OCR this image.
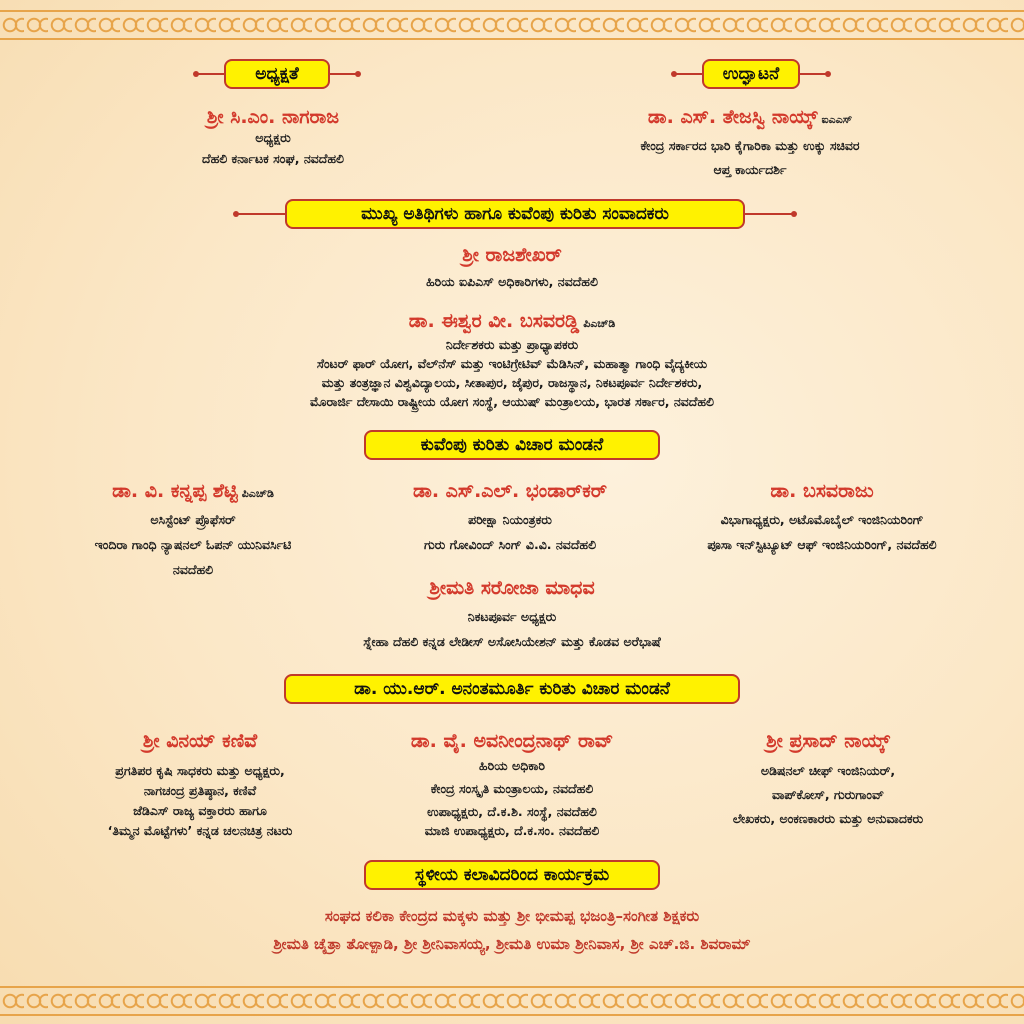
ಅಧ್ಯಕ್ಷತೆ
ಶ್ರೀ ಸಿ.ಎಂ. ನಾಗರಾಜ
ಅಧ್ಯಕ್ಷರು
ದೆಹಲಿ ಕರ್ನಾಟಕ ಸಂಘ, ನವದೆಹಲಿ
ಉದ್ಘಾಟನೆ
ಡಾ. ಎಸ್. ತೇಜಸ್ವಿ ನಾಯ್ಕ್ ಐಎಎಸ್
ಕೇಂದ್ರ ಸರ್ಕಾರದ ಭಾರಿ ಕೈಗಾರಿಕಾ ಮತ್ತು ಉಕ್ಕು ಸಚಿವರ
ಆಪ್ತ ಕಾರ್ಯದರ್ಶಿ
ಮುಖ್ಯ ಅತಿಥಿಗಳು ಹಾಗೂ ಕುವೆಂಪು ಕುರಿತು ಸಂವಾದಕರು
ಶ್ರೀ ರಾಜಶೇಖರ್
ಹಿರಿಯ ಐಪಿಎಸ್ ಅಧಿಕಾರಿಗಳು, ನವದೆಹಲಿ
ಡಾ. ಈಶ್ವರ ವೀ. ಬಸವರಡ್ಡಿ ಪಿಎಚ್‌ಡಿ
ನಿರ್ದೇಶಕರು ಮತ್ತು ಪ್ರಾಧ್ಯಾಪಕರು
ಸೆಂಟರ್ ಫಾರ್ ಯೋಗ, ವೆಲ್‌ನೆಸ್ ಮತ್ತು ಇಂಟಿಗ್ರೇಟಿವ್ ಮೆಡಿಸಿನ್, ಮಹಾತ್ಮಾ ಗಾಂಧಿ ವೈದ್ಯಕೀಯ
ಮತ್ತು ತಂತ್ರಜ್ಞಾನ ವಿಶ್ವವಿದ್ಯಾಲಯ, ಸೀತಾಪುರ, ಜೈಪುರ, ರಾಜಸ್ಥಾನ, ನಿಕಟಪೂರ್ವ ನಿರ್ದೇಶಕರು,
ಮೊರಾರ್ಜಿ ದೇಸಾಯಿ ರಾಷ್ಟ್ರೀಯ ಯೋಗ ಸಂಸ್ಥೆ, ಆಯುಷ್ ಮಂತ್ರಾಲಯ, ಭಾರತ ಸರ್ಕಾರ, ನವದೆಹಲಿ
ಕುವೆಂಪು ಕುರಿತು ವಿಚಾರ ಮಂಡನೆ
ಡಾ. ವಿ. ಕನ್ನಪ್ಪ ಶೆಟ್ಟಿ ಪಿಎಚ್‌ಡಿ
ಅಸಿಸ್ಟೆಂಟ್ ಪ್ರೊಫೆಸರ್
ಇಂದಿರಾ ಗಾಂಧಿ ನ್ಯಾಷನಲ್ ಓಪನ್ ಯುನಿವರ್ಸಿಟಿ
ನವದೆಹಲಿ
ಡಾ. ಎಸ್.ಎಲ್. ಭಂಡಾರ್‌ಕರ್
ಪರೀಕ್ಷಾ ನಿಯಂತ್ರಕರು
ಗುರು ಗೋವಿಂದ್ ಸಿಂಗ್ ವಿ.ವಿ. ನವದೆಹಲಿ
ಡಾ. ಬಸವರಾಜು
ವಿಭಾಗಾಧ್ಯಕ್ಷರು, ಅಟೊಮೊಬೈಲ್ ಇಂಜಿನಿಯರಿಂಗ್
ಪೂಸಾ ಇನ್‌ಸ್ಟಿಟ್ಯೂಟ್ ಆಫ್ ಇಂಜಿನಿಯರಿಂಗ್, ನವದೆಹಲಿ
ಶ್ರೀಮತಿ ಸರೋಜಾ ಮಾಧವ
ನಿಕಟಪೂರ್ವ ಅಧ್ಯಕ್ಷರು
ಸ್ನೇಹಾ ದೆಹಲಿ ಕನ್ನಡ ಲೇಡೀಸ್ ಅಸೋಸಿಯೇಶನ್ ಮತ್ತು ಕೊಡವ ಅರೆಭಾಷೆ
ಡಾ. ಯು.ಆರ್. ಅನಂತಮೂರ್ತಿ ಕುರಿತು ವಿಚಾರ ಮಂಡನೆ
ಶ್ರೀ ವಿನಯ್ ಕಣಿವೆ
ಪ್ರಗತಿಪರ ಕೃಷಿ ಸಾಧಕರು ಮತ್ತು ಅಧ್ಯಕ್ಷರು,
ನಾಗಚಂದ್ರ ಪ್ರತಿಷ್ಠಾನ, ಕಣಿವೆ
ಜೆಡಿಎಸ್ ರಾಜ್ಯ ವಕ್ತಾರರು ಹಾಗೂ
‘ತಿಮ್ಮನ ಮೊಟ್ಟೆಗಳು’ ಕನ್ನಡ ಚಲನಚಿತ್ರ ನಟರು
ಡಾ. ವೈ. ಅವನೀಂದ್ರನಾಥ್ ರಾವ್
ಹಿರಿಯ ಅಧಿಕಾರಿ
ಕೇಂದ್ರ ಸಂಸ್ಕೃತಿ ಮಂತ್ರಾಲಯ, ನವದೆಹಲಿ
ಉಪಾಧ್ಯಕ್ಷರು, ದೆ.ಕ.ಶಿ. ಸಂಸ್ಥೆ, ನವದೆಹಲಿ
ಮಾಜಿ ಉಪಾಧ್ಯಕ್ಷರು, ದೆ.ಕ.ಸಂ. ನವದೆಹಲಿ
ಶ್ರೀ ಪ್ರಸಾದ್ ನಾಯ್ಕ್
ಅಡಿಷನಲ್ ಚೀಫ್ ಇಂಜಿನಿಯರ್,
ವಾಪ್‌ಕೋಸ್, ಗುರುಗಾಂವ್
ಲೇಖಕರು, ಅಂಕಣಕಾರರು ಮತ್ತು ಅನುವಾದಕರು
ಸ್ಥಳೀಯ ಕಲಾವಿದರಿಂದ ಕಾರ್ಯಕ್ರಮ
ಸಂಘದ ಕಲಿಕಾ ಕೇಂದ್ರದ ಮಕ್ಕಳು ಮತ್ತು ಶ್ರೀ ಭೀಮಪ್ಪ ಭಜಂತ್ರಿ–ಸಂಗೀತ ಶಿಕ್ಷಕರು
ಶ್ರೀಮತಿ ಚೈತ್ರಾ ತೋಳ್ಪಾಡಿ, ಶ್ರೀ ಶ್ರೀನಿವಾಸಯ್ಯ, ಶ್ರೀಮತಿ ಉಮಾ ಶ್ರೀನಿವಾಸ, ಶ್ರೀ ಎಚ್.ಜಿ. ಶಿವರಾಮ್
